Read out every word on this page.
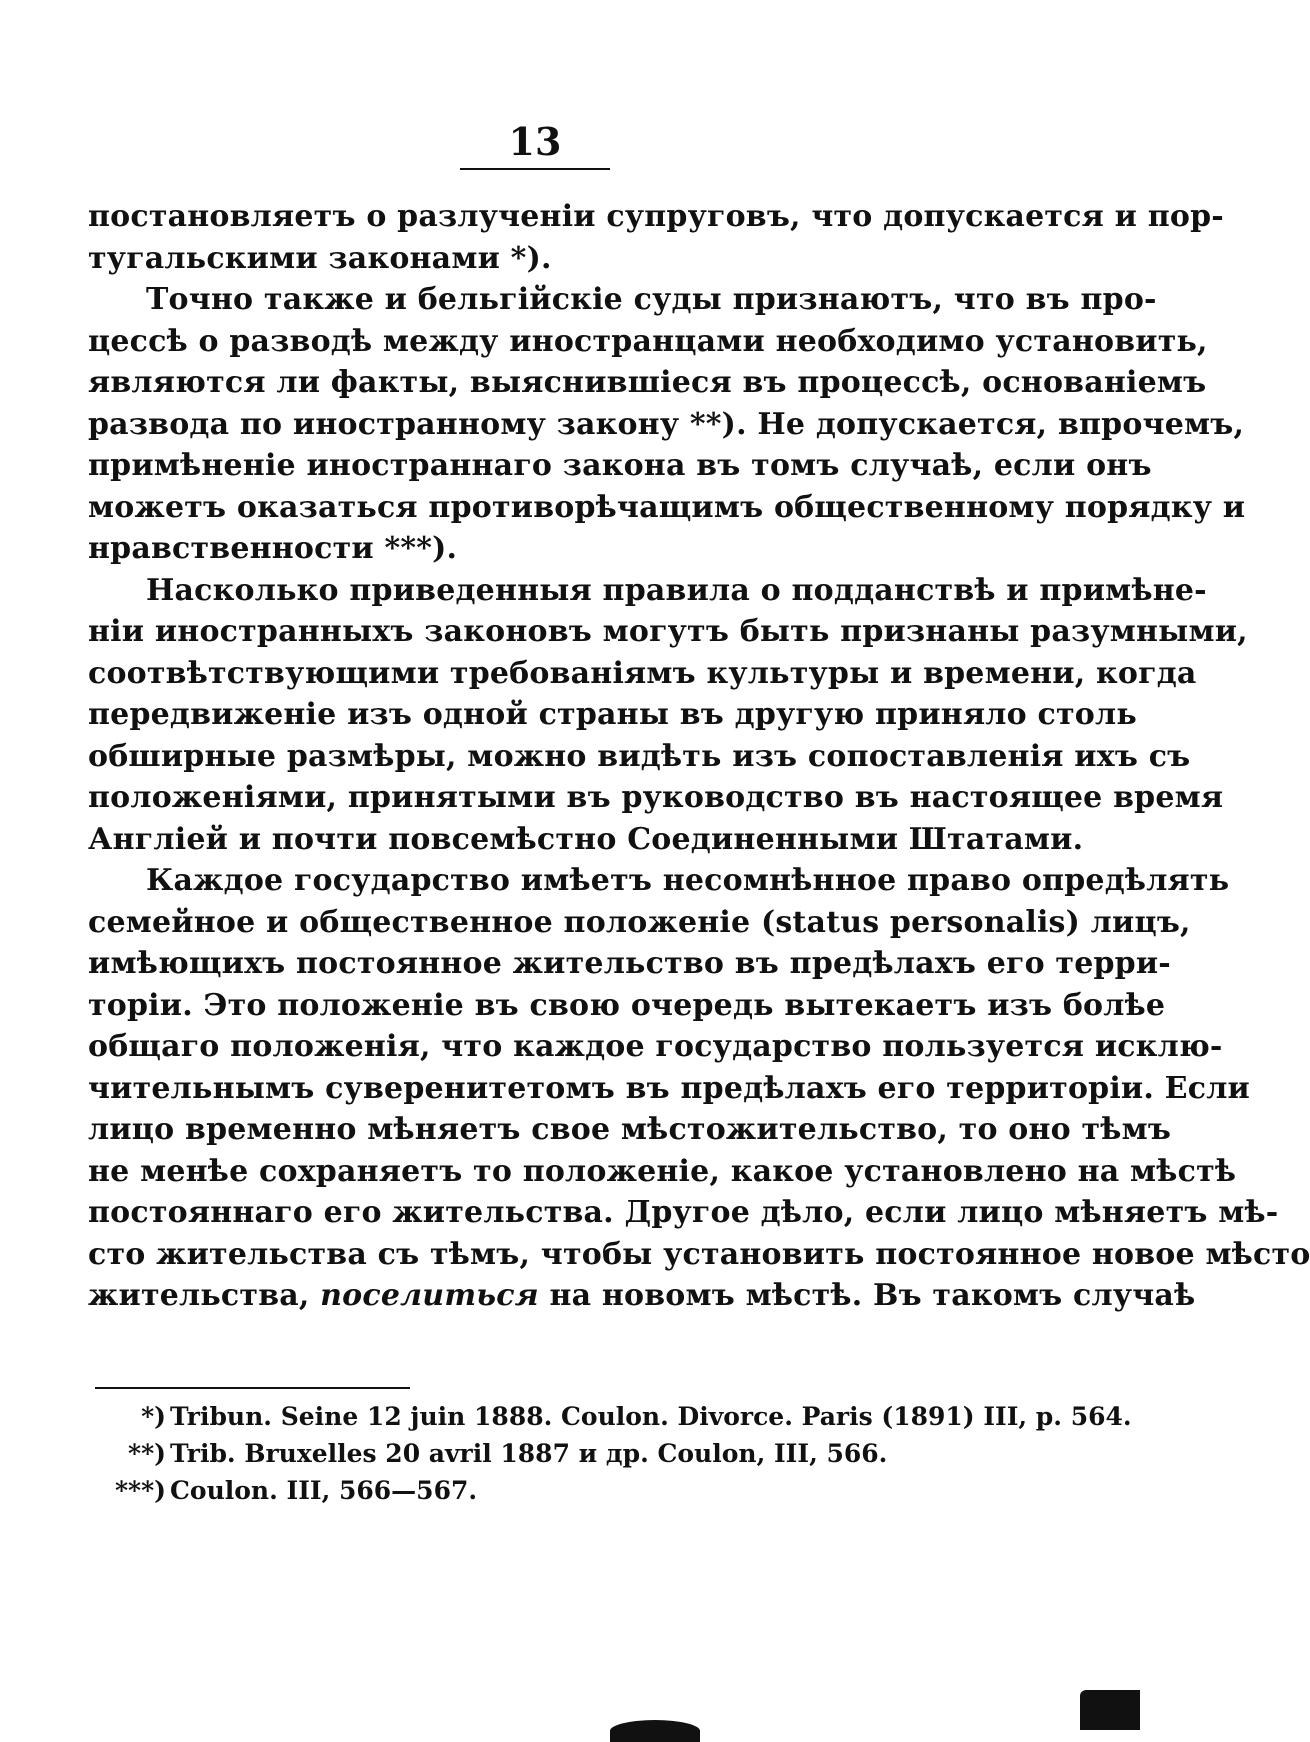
13
постановляетъ о разлученіи супруговъ, что допускается и пор-
тугальскими законами *).
Точно также и бельгійскіе суды признаютъ, что въ про-
цессѣ о разводѣ между иностранцами необходимо установить,
являются ли факты, выяснившіеся въ процессѣ, основаніемъ
развода по иностранному закону **). Не допускается, впрочемъ,
примѣненіе иностраннаго закона въ томъ случаѣ, если онъ
можетъ оказаться противорѣчащимъ общественному порядку и
нравственности ***).
Насколько приведенныя правила о подданствѣ и примѣне-
ніи иностранныхъ законовъ могутъ быть признаны разумными,
соотвѣтствующими требованіямъ культуры и времени, когда
передвиженіе изъ одной страны въ другую приняло столь
обширные размѣры, можно видѣть изъ сопоставленія ихъ съ
положеніями, принятыми въ руководство въ настоящее время
Англіей и почти повсемѣстно Соединенными Штатами.
Каждое государство имѣетъ несомнѣнное право опредѣлять
семейное и общественное положеніе (status personalis) лицъ,
имѣющихъ постоянное жительство въ предѣлахъ его терри-
торіи. Это положеніе въ свою очередь вытекаетъ изъ болѣе
общаго положенія, что каждое государство пользуется исклю-
чительнымъ суверенитетомъ въ предѣлахъ его территоріи. Если
лицо временно мѣняетъ свое мѣстожительство, то оно тѣмъ
не менѣе сохраняетъ то положеніе, какое установлено на мѣстѣ
постояннаго его жительства. Другое дѣло, если лицо мѣняетъ мѣ-
сто жительства съ тѣмъ, чтобы установить постоянное новое мѣсто
жительства, поселиться на новомъ мѣстѣ. Въ такомъ случаѣ
*) Tribun. Seine 12 juin 1888. Coulon. Divorce. Paris (1891) III, p. 564.
**) Trib. Bruxelles 20 avril 1887 и др. Coulon, III, 566.
***) Coulon. III, 566—567.
